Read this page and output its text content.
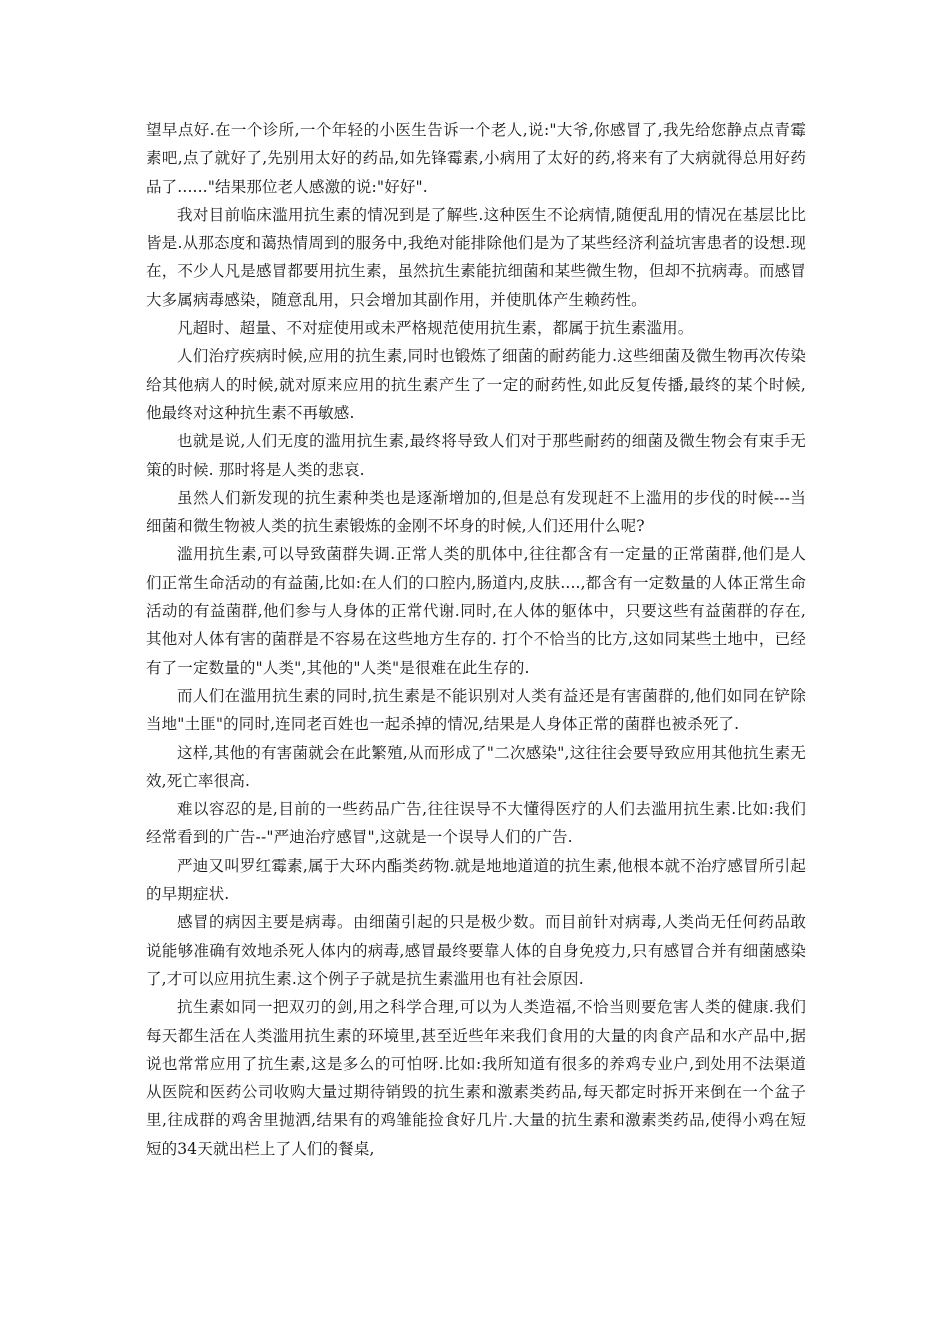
望早点好.在一个诊所,一个年轻的小医生告诉一个老人,说:"大爷,你感冒了,我先给您静点点青霉素吧,点了就好了,先别用太好的药品,如先锋霉素,小病用了太好的药,将来有了大病就得总用好药品了......"结果那位老人感激的说:"好好".

我对目前临床滥用抗生素的情况到是了解些.这种医生不论病情,随便乱用的情况在基层比比皆是.从那态度和蔼热情周到的服务中,我绝对能排除他们是为了某些经济利益坑害患者的设想.现在，不少人凡是感冒都要用抗生素，虽然抗生素能抗细菌和某些微生物，但却不抗病毒。而感冒大多属病毒感染，随意乱用，只会增加其副作用，并使肌体产生赖药性。

凡超时、超量、不对症使用或未严格规范使用抗生素，都属于抗生素滥用。

人们治疗疾病时候,应用的抗生素,同时也锻炼了细菌的耐药能力.这些细菌及微生物再次传染给其他病人的时候,就对原来应用的抗生素产生了一定的耐药性,如此反复传播,最终的某个时候,他最终对这种抗生素不再敏感.

也就是说,人们无度的滥用抗生素,最终将导致人们对于那些耐药的细菌及微生物会有束手无策的时候. 那时将是人类的悲哀.

虽然人们新发现的抗生素种类也是逐渐增加的,但是总有发现赶不上滥用的步伐的时候---当细菌和微生物被人类的抗生素锻炼的金刚不坏身的时候,人们还用什么呢?

滥用抗生素,可以导致菌群失调.正常人类的肌体中,往往都含有一定量的正常菌群,他们是人们正常生命活动的有益菌,比如:在人们的口腔内,肠道内,皮肤....,都含有一定数量的人体正常生命活动的有益菌群,他们参与人身体的正常代谢.同时,在人体的躯体中，只要这些有益菌群的存在,其他对人体有害的菌群是不容易在这些地方生存的. 打个不恰当的比方,这如同某些土地中，已经有了一定数量的"人类",其他的"人类"是很难在此生存的.

而人们在滥用抗生素的同时,抗生素是不能识别对人类有益还是有害菌群的,他们如同在铲除当地"土匪"的同时,连同老百姓也一起杀掉的情况,结果是人身体正常的菌群也被杀死了.

这样,其他的有害菌就会在此繁殖,从而形成了"二次感染",这往往会要导致应用其他抗生素无效,死亡率很高.

难以容忍的是,目前的一些药品广告,往往误导不大懂得医疗的人们去滥用抗生素.比如:我们经常看到的广告--"严迪治疗感冒",这就是一个误导人们的广告.

严迪又叫罗红霉素,属于大环内酯类药物.就是地地道道的抗生素,他根本就不治疗感冒所引起的早期症状.

感冒的病因主要是病毒。由细菌引起的只是极少数。而目前针对病毒,人类尚无任何药品敢说能够准确有效地杀死人体内的病毒,感冒最终要靠人体的自身免疫力,只有感冒合并有细菌感染了,才可以应用抗生素.这个例子子就是抗生素滥用也有社会原因.

抗生素如同一把双刃的剑,用之科学合理,可以为人类造福,不恰当则要危害人类的健康.我们每天都生活在人类滥用抗生素的环境里,甚至近些年来我们食用的大量的肉食产品和水产品中,据说也常常应用了抗生素,这是多么的可怕呀.比如:我所知道有很多的养鸡专业户,到处用不法渠道从医院和医药公司收购大量过期待销毁的抗生素和激素类药品,每天都定时拆开来倒在一个盆子里,往成群的鸡舍里抛洒,结果有的鸡雏能捡食好几片.大量的抗生素和激素类药品,使得小鸡在短短的34天就出栏上了人们的餐桌,
